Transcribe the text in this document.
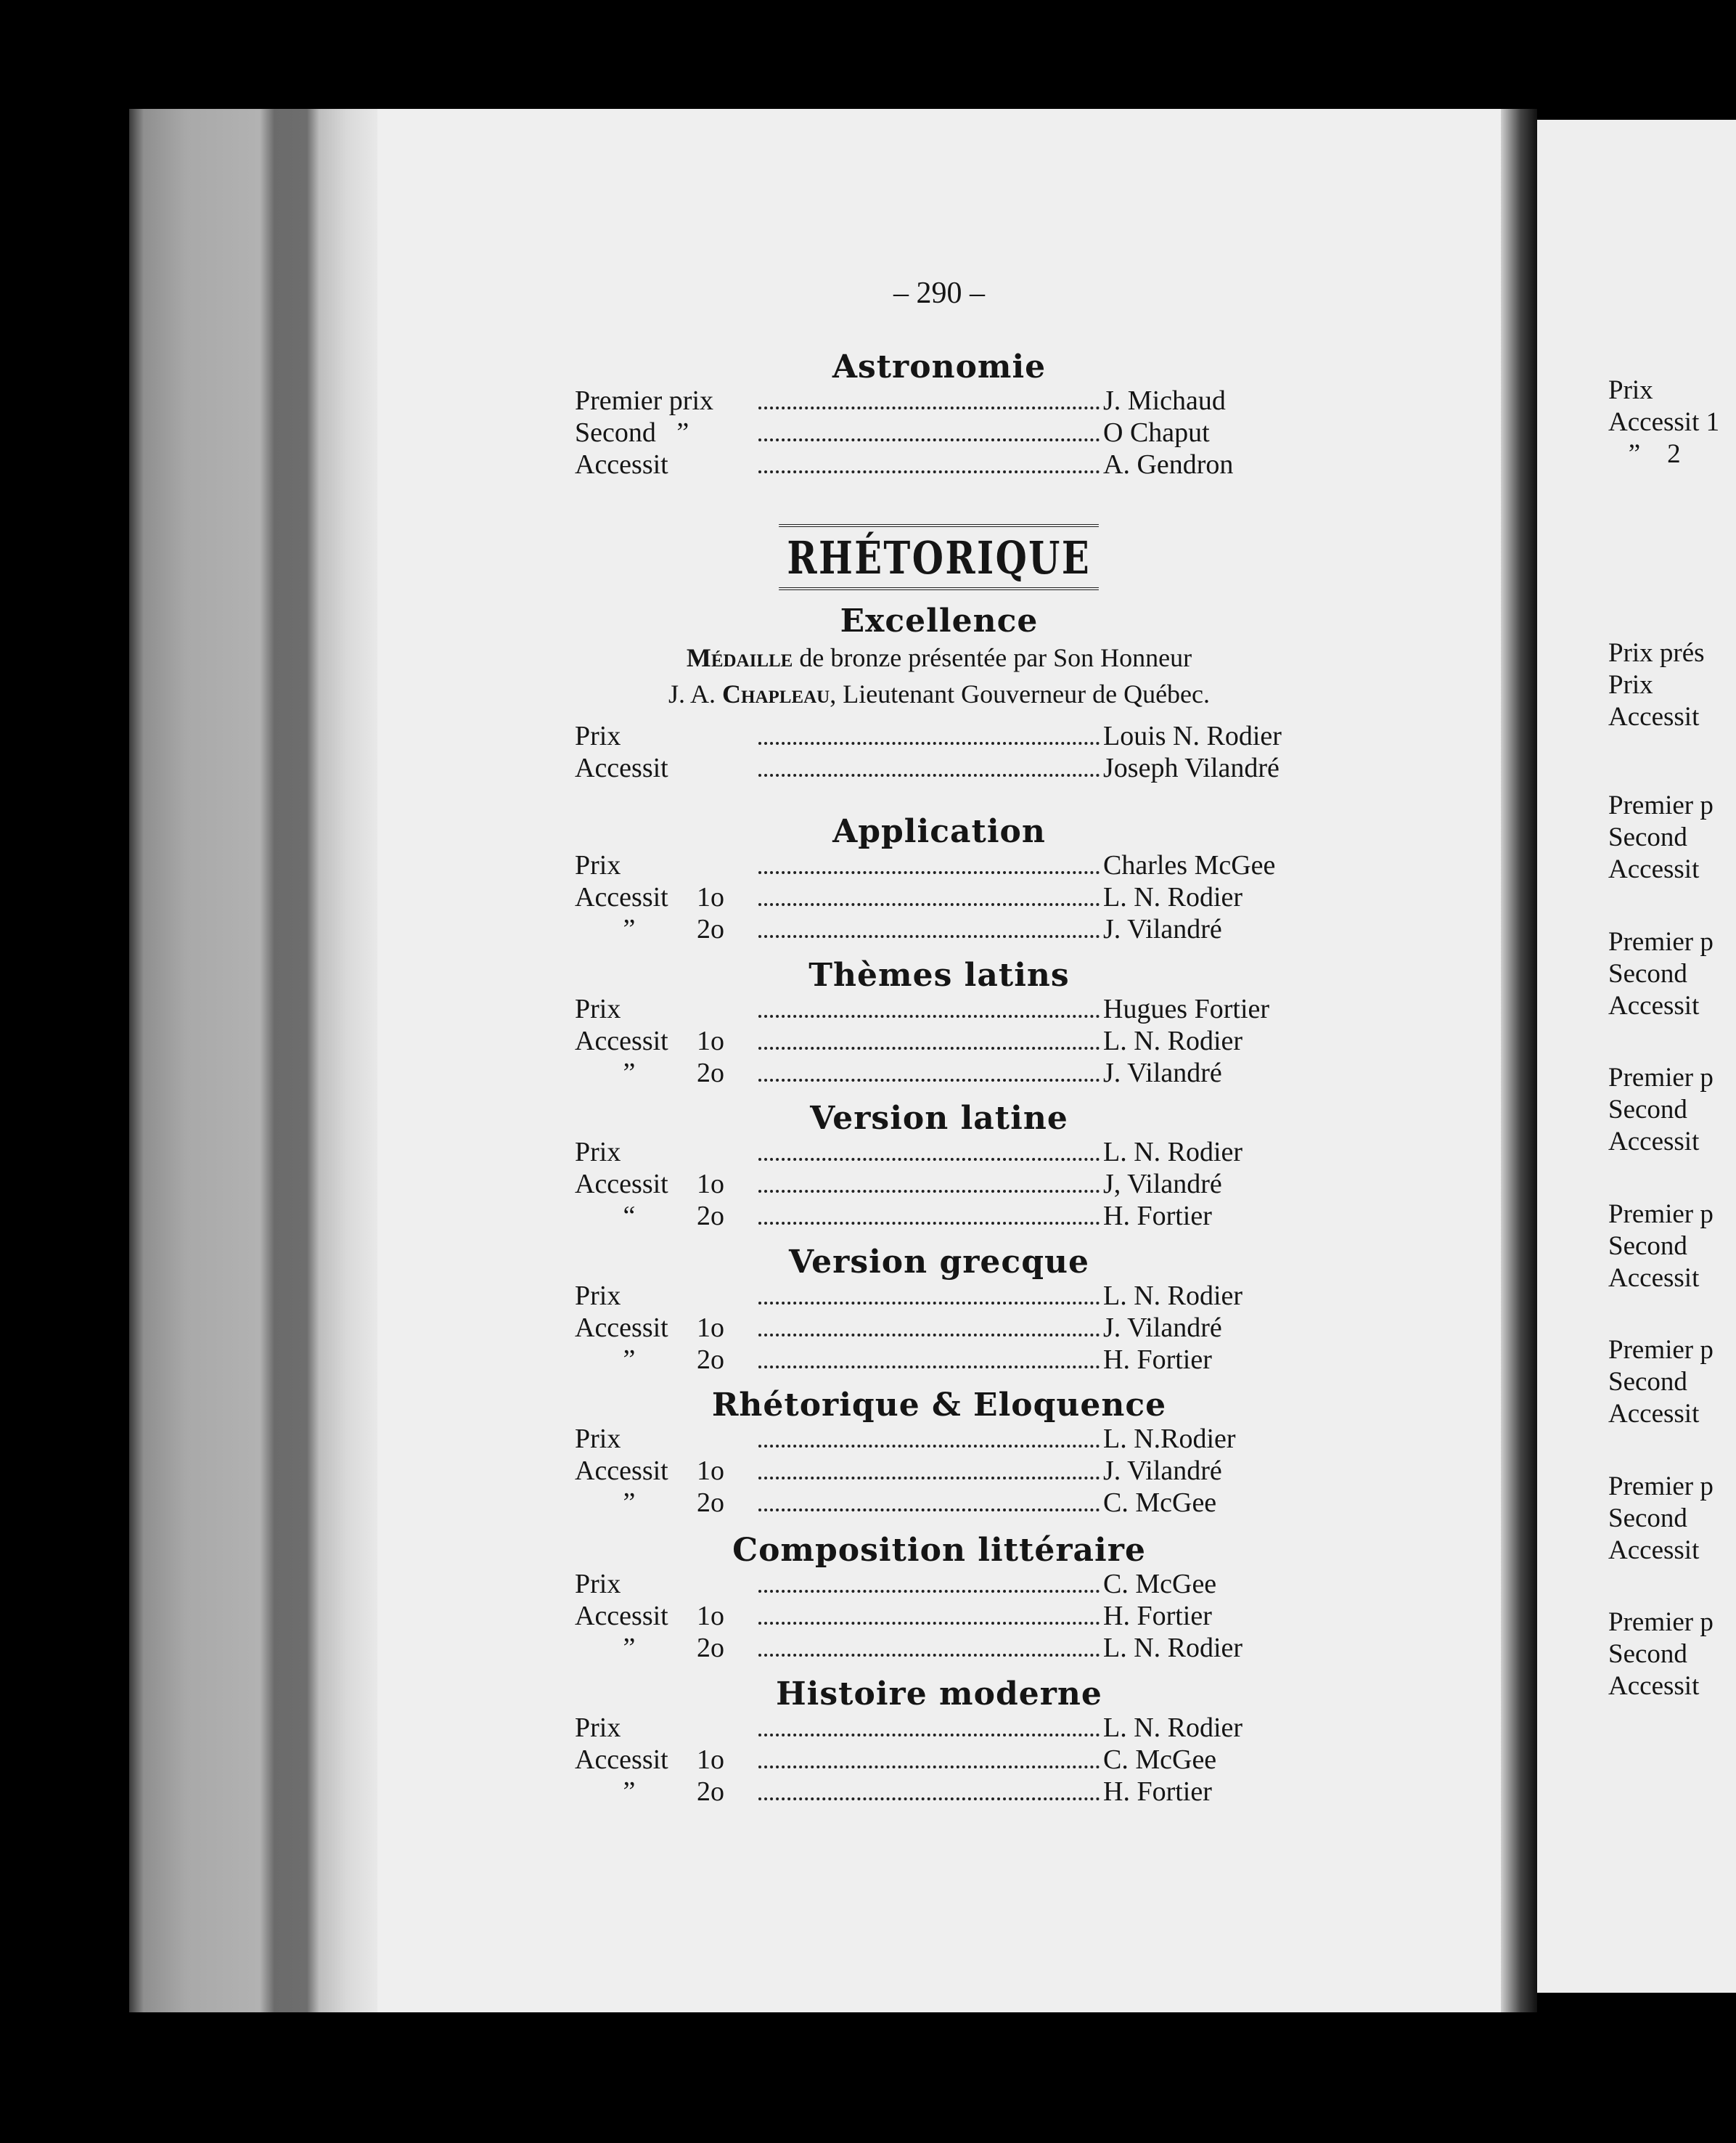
– 290 –
Astronomie
Premier prix	J. Michaud
Second   ”	O Chaput
Accessit	A. Gendron
RHÉTORIQUE
Excellence
Médaille de bronze présentée par Son Honneur
J. A. Chapleau, Lieutenant Gouverneur de Québec.
Prix	Louis N. Rodier
Accessit	Joseph Vilandré
Application
Prix	Charles McGee
Accessit 1o	L. N. Rodier
” 2o	J. Vilandré
Thèmes latins
Prix	Hugues Fortier
Accessit 1o	L. N. Rodier
” 2o	J. Vilandré
Version latine
Prix	L. N. Rodier
Accessit 1o	J, Vilandré
“ 2o	H. Fortier
Version grecque
Prix	L. N. Rodier
Accessit 1o	J. Vilandré
” 2o	H. Fortier
Rhétorique & Eloquence
Prix	L. N.Rodier
Accessit 1o	J. Vilandré
” 2o	C. McGee
Composition littéraire
Prix	C. McGee
Accessit 1o	H. Fortier
” 2o	L. N. Rodier
Histoire moderne
Prix	L. N. Rodier
Accessit 1o	C. McGee
” 2o	H. Fortier
Prix
Accessit 1
”    2
Prix prés
Prix
Accessit
Premier p
Second
Accessit
Premier p
Second
Accessit
Premier p
Second
Accessit
Premier p
Second
Accessit
Premier p
Second
Accessit
Premier p
Second
Accessit
Premier p
Second
Accessit
